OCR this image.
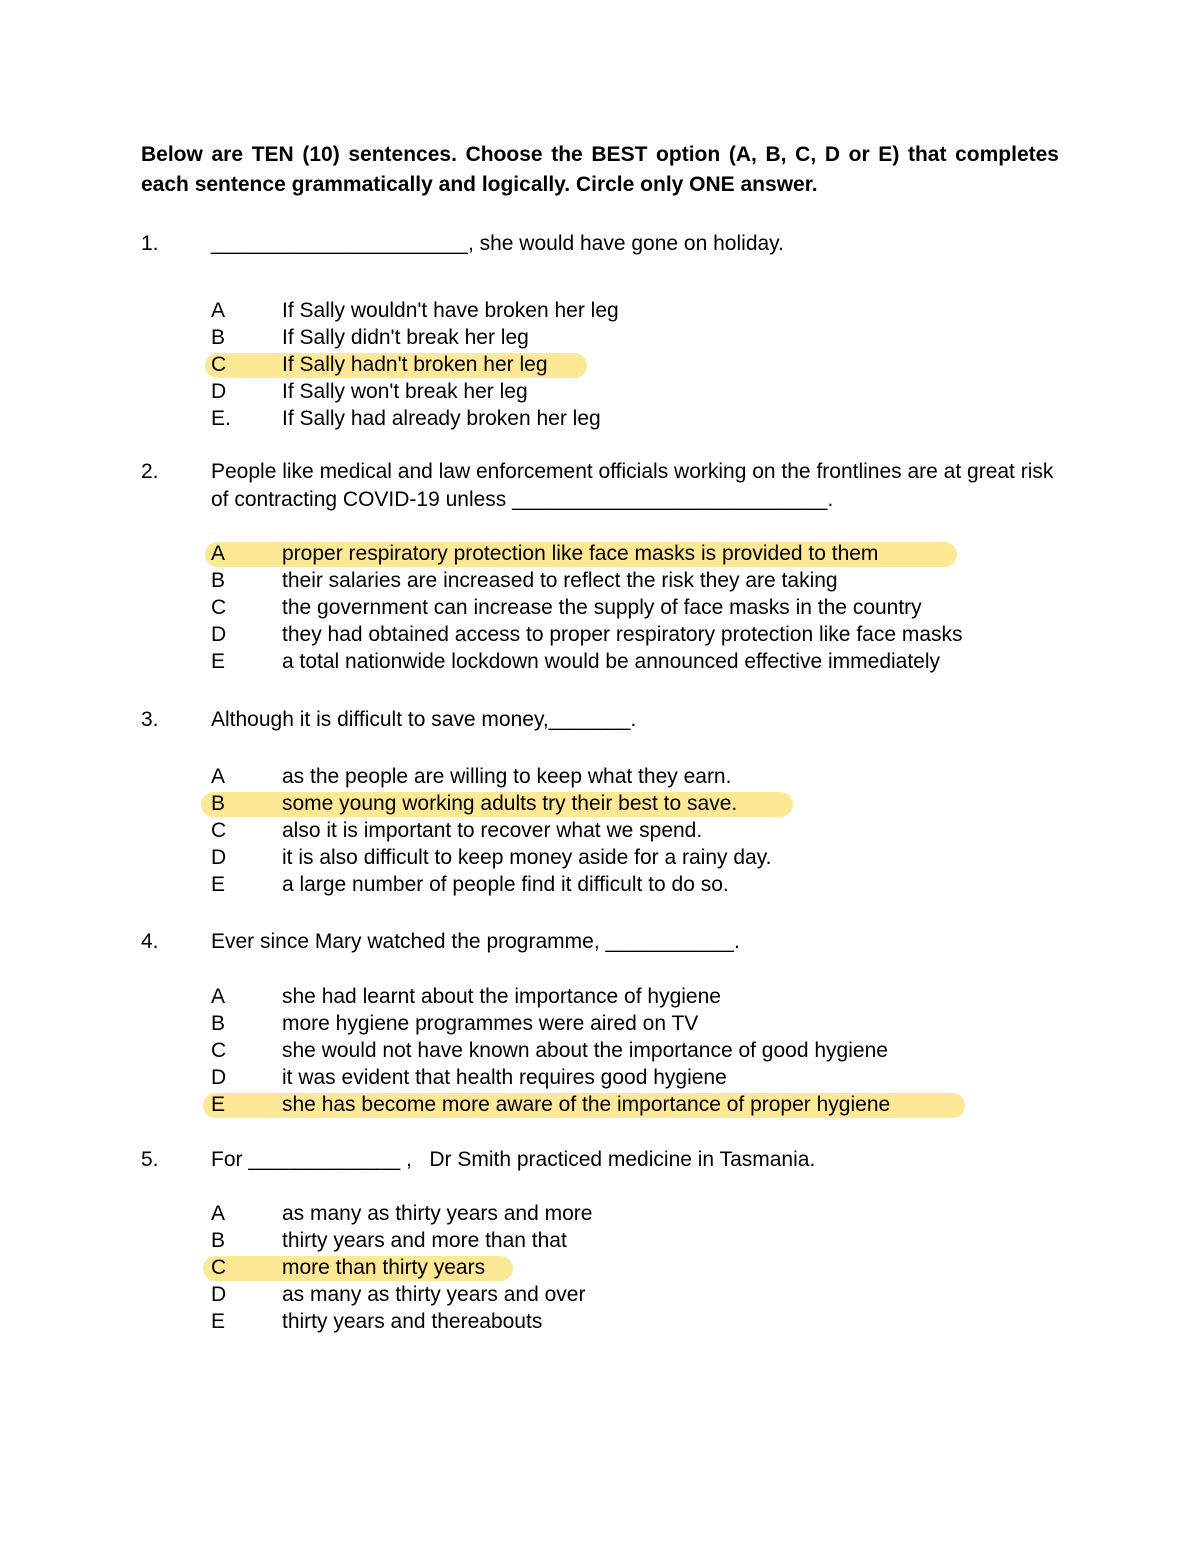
Below are TEN (10) sentences. Choose the BEST option (A, B, C, D or E) that completes each sentence grammatically and logically. Circle only ONE answer.

1. ______________________, she would have gone on holiday.
A	If Sally wouldn't have broken her leg
B	If Sally didn't break her leg
C	If Sally hadn't broken her leg
D	If Sally won't break her leg
E. If Sally had already broken her leg
2. People like medical and law enforcement officials working on the frontlines are at great risk of contracting COVID-19 unless ___________________________.
A	proper respiratory protection like face masks is provided to them
B	their salaries are increased to reflect the risk they are taking
C	the government can increase the supply of face masks in the country
D	they had obtained access to proper respiratory protection like face masks
E	a total nationwide lockdown would be announced effective immediately
3. Although it is difficult to save money,_______.
A	as the people are willing to keep what they earn.
B	some young working adults try their best to save.
C	also it is important to recover what we spend.
D	it is also difficult to keep money aside for a rainy day.
E	a large number of people find it difficult to do so.
4. Ever since Mary watched the programme, ___________.
A	she had learnt about the importance of hygiene
B	more hygiene programmes were aired on TV
C	she would not have known about the importance of good hygiene
D	it was evident that health requires good hygiene
E	she has become more aware of the importance of proper hygiene
5. For _____________ ,   Dr Smith practiced medicine in Tasmania.
A	as many as thirty years and more
B	thirty years and more than that
C	more than thirty years
D	as many as thirty years and over
E	thirty years and thereabouts
